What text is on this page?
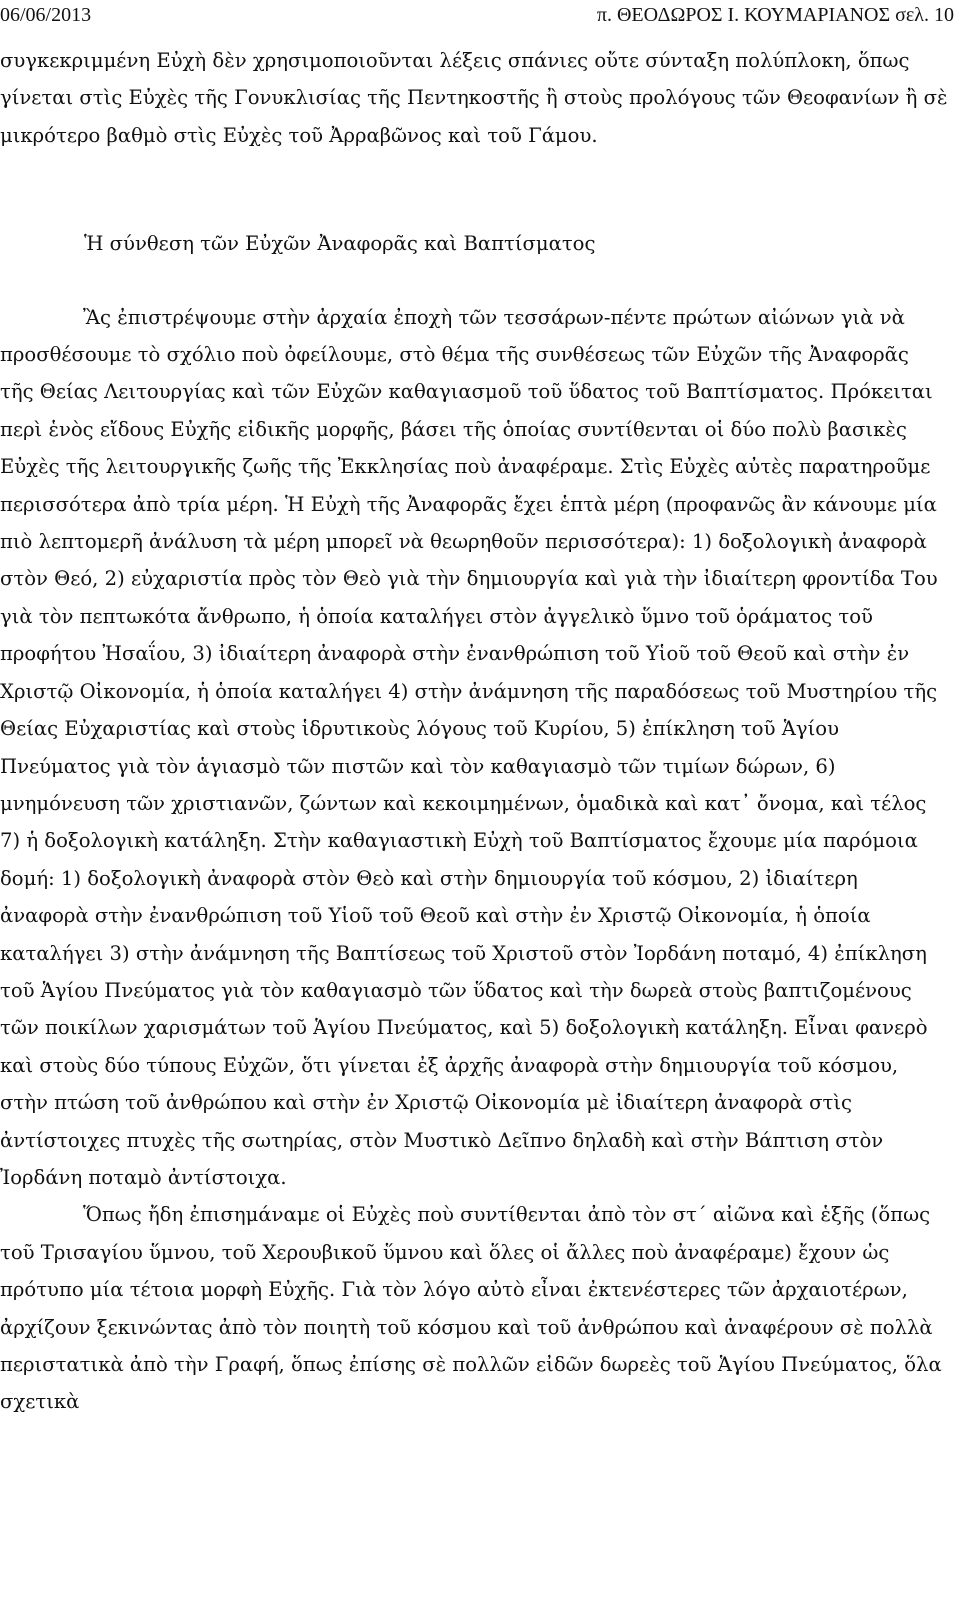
06/06/2013	π. ΘΕΟΔΩΡΟΣ Ι. ΚΟΥΜΑΡΙΑΝΟΣ σελ. 10

συγκεκριμμένη Εὐχὴ δὲν χρησιμοποιοῦνται λέξεις σπάνιες οὔτε σύνταξη πολύπλοκη, ὅπως γίνεται στὶς Εὐχὲς τῆς Γονυκλισίας τῆς Πεντηκοστῆς ἢ στοὺς προλόγους τῶν Θεοφανίων ἢ σὲ μικρότερο βαθμὸ στὶς Εὐχὲς τοῦ Ἀρραβῶνος καὶ τοῦ Γάμου.

Ἡ σύνθεση τῶν Εὐχῶν Ἀναφορᾶς καὶ Βαπτίσματος

Ἂς ἐπιστρέψουμε στὴν ἀρχαία ἐποχὴ τῶν τεσσάρων-πέντε πρώτων αἰώνων γιὰ νὰ προσθέσουμε τὸ σχόλιο ποὺ ὀφείλουμε, στὸ θέμα τῆς συνθέσεως τῶν Εὐχῶν τῆς Ἀναφορᾶς τῆς Θείας Λειτουργίας καὶ τῶν Εὐχῶν καθαγιασμοῦ τοῦ ὕδατος τοῦ Βαπτίσματος. Πρόκειται περὶ ἑνὸς εἴδους Εὐχῆς εἰδικῆς μορφῆς, βάσει τῆς ὁποίας συντίθενται οἱ δύο πολὺ βασικὲς Εὐχὲς τῆς λειτουργικῆς ζωῆς τῆς Ἐκκλησίας ποὺ ἀναφέραμε. Στὶς Εὐχὲς αὐτὲς παρατηροῦμε περισσότερα ἀπὸ τρία μέρη. Ἡ Εὐχὴ τῆς Ἀναφορᾶς ἔχει ἑπτὰ μέρη (προφανῶς ἂν κάνουμε μία πιὸ λεπτομερῆ ἀνάλυση τὰ μέρη μπορεῖ νὰ θεωρηθοῦν περισσότερα): 1) δοξολογικὴ ἀναφορὰ στὸν Θεό, 2) εὐχαριστία πρὸς τὸν Θεὸ γιὰ τὴν δημιουργία καὶ γιὰ τὴν ἰδιαίτερη φροντίδα Του γιὰ τὸν πεπτωκότα ἄνθρωπο, ἡ ὁποία καταλήγει στὸν ἀγγελικὸ ὕμνο τοῦ ὁράματος τοῦ προφήτου Ἠσαΐου, 3) ἰδιαίτερη ἀναφορὰ στὴν ἐνανθρώπιση τοῦ Υἱοῦ τοῦ Θεοῦ καὶ στὴν ἐν Χριστῷ Οἰκονομία, ἡ ὁποία καταλήγει 4) στὴν ἀνάμνηση τῆς παραδόσεως τοῦ Μυστηρίου τῆς Θείας Εὐχαριστίας καὶ στοὺς ἱδρυτικοὺς λόγους τοῦ Κυρίου, 5) ἐπίκληση τοῦ Ἁγίου Πνεύματος γιὰ τὸν ἁγιασμὸ τῶν πιστῶν καὶ τὸν καθαγιασμὸ τῶν τιμίων δώρων, 6) μνημόνευση τῶν χριστιανῶν, ζώντων καὶ κεκοιμημένων, ὁμαδικὰ καὶ κατ᾽ ὄνομα, καὶ τέλος 7) ἡ δοξολογικὴ κατάληξη. Στὴν καθαγιαστικὴ Εὐχὴ τοῦ Βαπτίσματος ἔχουμε μία παρόμοια δομή: 1) δοξολογικὴ ἀναφορὰ στὸν Θεὸ καὶ στὴν δημιουργία τοῦ κόσμου, 2) ἰδιαίτερη ἀναφορὰ στὴν ἐνανθρώπιση τοῦ Υἱοῦ τοῦ Θεοῦ καὶ στὴν ἐν Χριστῷ Οἰκονομία, ἡ ὁποία καταλήγει 3) στὴν ἀνάμνηση τῆς Βαπτίσεως τοῦ Χριστοῦ στὸν Ἰορδάνη ποταμό, 4) ἐπίκληση τοῦ Ἁγίου Πνεύματος γιὰ τὸν καθαγιασμὸ τῶν ὕδατος καὶ τὴν δωρεὰ στοὺς βαπτιζομένους τῶν ποικίλων χαρισμάτων τοῦ Ἁγίου Πνεύματος, καὶ 5) δοξολογικὴ κατάληξη. Εἶναι φανερὸ καὶ στοὺς δύο τύπους Εὐχῶν, ὅτι γίνεται ἐξ ἀρχῆς ἀναφορὰ στὴν δημιουργία τοῦ κόσμου, στὴν πτώση τοῦ ἀνθρώπου καὶ στὴν ἐν Χριστῷ Οἰκονομία μὲ ἰδιαίτερη ἀναφορὰ στὶς ἀντίστοιχες πτυχὲς τῆς σωτηρίας, στὸν Μυστικὸ Δεῖπνο δηλαδὴ καὶ στὴν Βάπτιση στὸν Ἰορδάνη ποταμὸ ἀντίστοιχα.

Ὅπως ἤδη ἐπισημάναμε οἱ Εὐχὲς ποὺ συντίθενται ἀπὸ τὸν στ΄ αἰῶνα καὶ ἑξῆς (ὅπως τοῦ Τρισαγίου ὕμνου, τοῦ Χερουβικοῦ ὕμνου καὶ ὅλες οἱ ἄλλες ποὺ ἀναφέραμε) ἔχουν ὡς πρότυπο μία τέτοια μορφὴ Εὐχῆς. Γιὰ τὸν λόγο αὐτὸ εἶναι ἐκτενέστερες τῶν ἀρχαιοτέρων, ἀρχίζουν ξεκινώντας ἀπὸ τὸν ποιητὴ τοῦ κόσμου καὶ τοῦ ἀνθρώπου καὶ ἀναφέρουν σὲ πολλὰ περιστατικὰ ἀπὸ τὴν Γραφή, ὅπως ἐπίσης σὲ πολλῶν εἰδῶν δωρεὲς τοῦ Ἁγίου Πνεύματος, ὅλα σχετικὰ
